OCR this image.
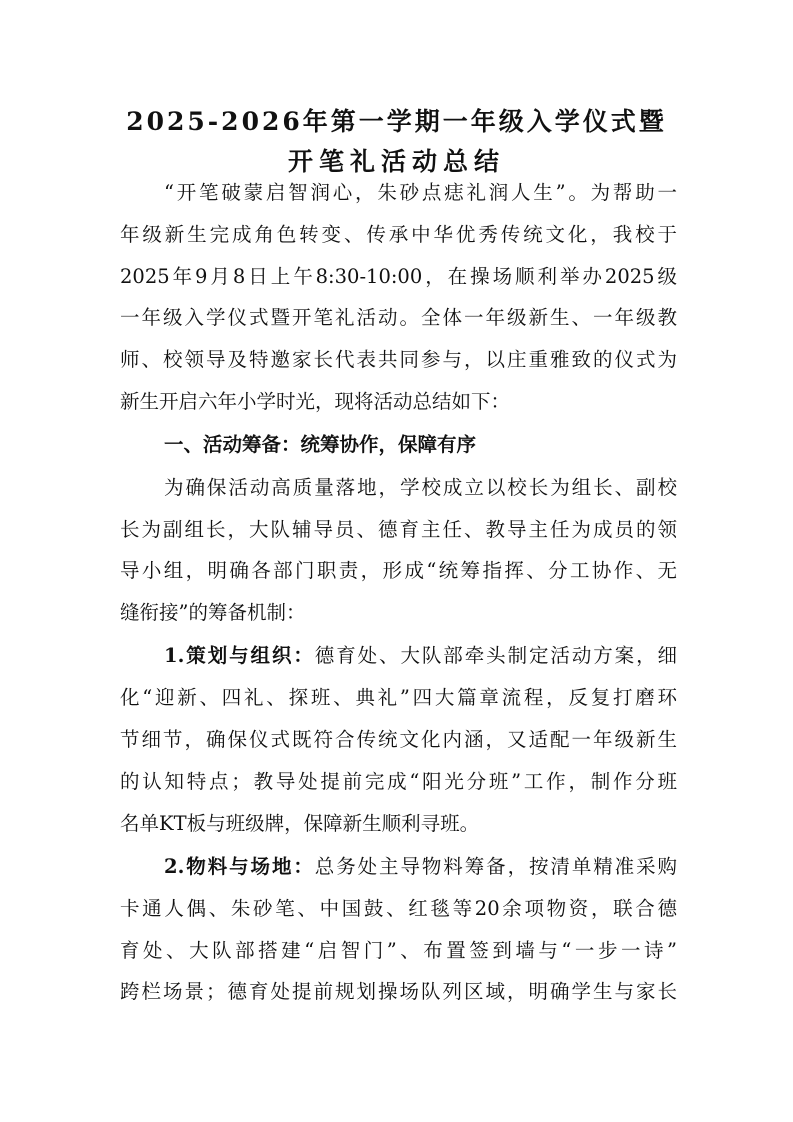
2025-2026年第一学期一年级入学仪式暨
开笔礼活动总结
“开笔破蒙启智润心，朱砂点痣礼润人生”。为帮助一
年级新生完成角色转变、传承中华优秀传统文化，我校于
2025年9月8日上午8:30-10:00，在操场顺利举办2025级
一年级入学仪式暨开笔礼活动。全体一年级新生、一年级教
师、校领导及特邀家长代表共同参与，以庄重雅致的仪式为
新生开启六年小学时光，现将活动总结如下：
一、活动筹备：统筹协作，保障有序
为确保活动高质量落地，学校成立以校长为组长、副校
长为副组长，大队辅导员、德育主任、教导主任为成员的领
导小组，明确各部门职责，形成“统筹指挥、分工协作、无
缝衔接”的筹备机制：
1.策划与组织：德育处、大队部牵头制定活动方案，细
化“迎新、四礼、探班、典礼”四大篇章流程，反复打磨环
节细节，确保仪式既符合传统文化内涵，又适配一年级新生
的认知特点；教导处提前完成“阳光分班”工作，制作分班
名单KT板与班级牌，保障新生顺利寻班。
2.物料与场地：总务处主导物料筹备，按清单精准采购
卡通人偶、朱砂笔、中国鼓、红毯等20余项物资，联合德
育处、大队部搭建“启智门”、布置签到墙与“一步一诗”
跨栏场景；德育处提前规划操场队列区域，明确学生与家长
